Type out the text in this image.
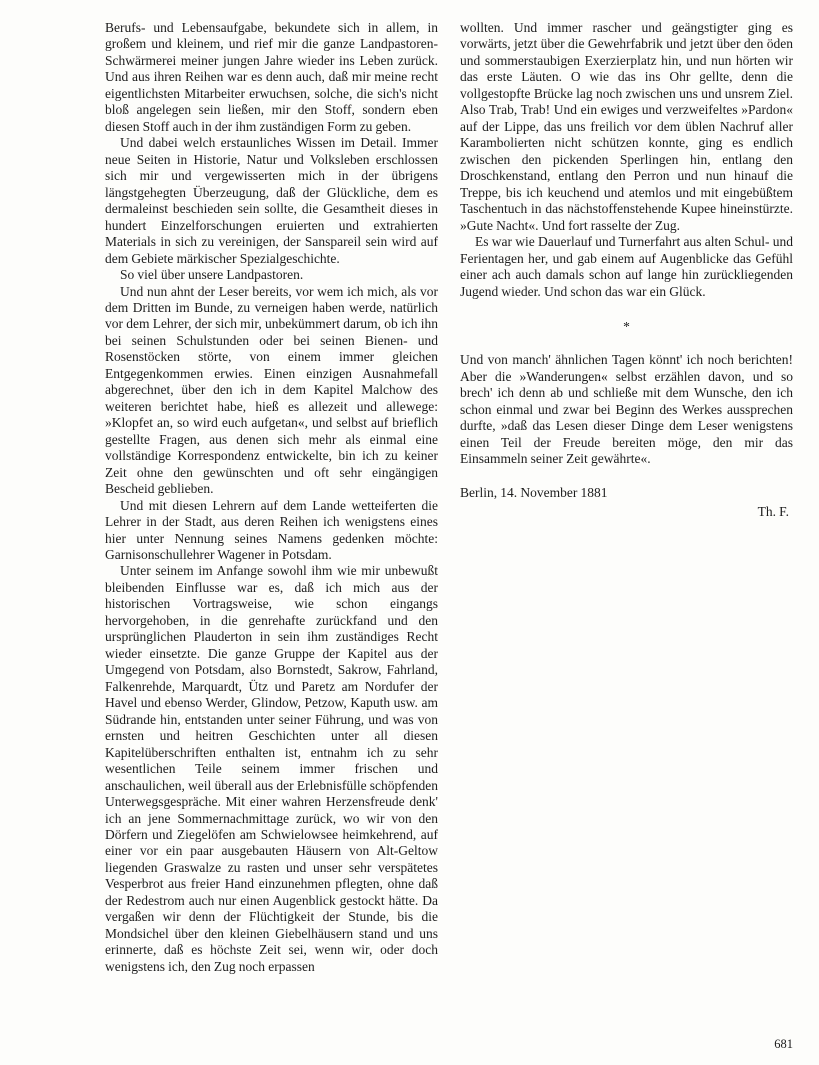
Berufs- und Lebensaufgabe, bekundete sich in allem, in großem und kleinem, und rief mir die ganze Landpastoren-Schwärmerei meiner jungen Jahre wieder ins Leben zurück. Und aus ihren Reihen war es denn auch, daß mir meine recht eigentlichsten Mitarbeiter erwuchsen, solche, die sich's nicht bloß angelegen sein ließen, mir den Stoff, sondern eben diesen Stoff auch in der ihm zuständigen Form zu geben.

Und dabei welch erstaunliches Wissen im Detail. Immer neue Seiten in Historie, Natur und Volksleben erschlossen sich mir und vergewisserten mich in der übrigens längstgehegten Überzeugung, daß der Glückliche, dem es dermaleinst beschieden sein sollte, die Gesamtheit dieses in hundert Einzelforschungen eruierten und extrahierten Materials in sich zu vereinigen, der Sanspareil sein wird auf dem Gebiete märkischer Spezialgeschichte.

So viel über unsere Landpastoren.

Und nun ahnt der Leser bereits, vor wem ich mich, als vor dem Dritten im Bunde, zu verneigen haben werde, natürlich vor dem Lehrer, der sich mir, unbekümmert darum, ob ich ihn bei seinen Schulstunden oder bei seinen Bienen- und Rosenstöcken störte, von einem immer gleichen Entgegenkommen erwies. Einen einzigen Ausnahmefall abgerechnet, über den ich in dem Kapitel Malchow des weiteren berichtet habe, hieß es allezeit und allewege: »Klopfet an, so wird euch aufgetan«, und selbst auf brieflich gestellte Fragen, aus denen sich mehr als einmal eine vollständige Korrespondenz entwickelte, bin ich zu keiner Zeit ohne den gewünschten und oft sehr eingängigen Bescheid geblieben.

Und mit diesen Lehrern auf dem Lande wetteiferten die Lehrer in der Stadt, aus deren Reihen ich wenigstens eines hier unter Nennung seines Namens gedenken möchte: Garnisonschullehrer Wagener in Potsdam.

Unter seinem im Anfange sowohl ihm wie mir unbewußt bleibenden Einflusse war es, daß ich mich aus der historischen Vortragsweise, wie schon eingangs hervorgehoben, in die genrehafte zurückfand und den ursprünglichen Plauderton in sein ihm zuständiges Recht wieder einsetzte. Die ganze Gruppe der Kapitel aus der Umgegend von Potsdam, also Bornstedt, Sakrow, Fahrland, Falkenrehde, Marquardt, Ütz und Paretz am Nordufer der Havel und ebenso Werder, Glindow, Petzow, Kaputh usw. am Südrande hin, entstanden unter seiner Führung, und was von ernsten und heitren Geschichten unter all diesen Kapitelüberschriften enthalten ist, entnahm ich zu sehr wesentlichen Teile seinem immer frischen und anschaulichen, weil überall aus der Erlebnisfülle schöpfenden Unterwegsgespräche. Mit einer wahren Herzensfreude denk' ich an jene Sommernachmittage zurück, wo wir von den Dörfern und Ziegelöfen am Schwielowsee heimkehrend, auf einer vor ein paar ausgebauten Häusern von Alt-Geltow liegenden Graswalze zu rasten und unser sehr verspätetes Vesperbrot aus freier Hand einzunehmen pflegten, ohne daß der Redestrom auch nur einen Augenblick gestockt hätte. Da vergaßen wir denn der Flüchtigkeit der Stunde, bis die Mondsichel über den kleinen Giebelhäusern stand und uns erinnerte, daß es höchste Zeit sei, wenn wir, oder doch wenigstens ich, den Zug noch erpassen

wollten. Und immer rascher und geängstigter ging es vorwärts, jetzt über die Gewehrfabrik und jetzt über den öden und sommerstaubigen Exerzierplatz hin, und nun hörten wir das erste Läuten. O wie das ins Ohr gellte, denn die vollgestopfte Brücke lag noch zwischen uns und unsrem Ziel. Also Trab, Trab! Und ein ewiges und verzweifeltes »Pardon« auf der Lippe, das uns freilich vor dem üblen Nachruf aller Karambolierten nicht schützen konnte, ging es endlich zwischen den pickenden Sperlingen hin, entlang den Droschkenstand, entlang den Perron und nun hinauf die Treppe, bis ich keuchend und atemlos und mit eingebüßtem Taschentuch in das nächstoffenstehende Kupee hineinstürzte. »Gute Nacht«. Und fort rasselte der Zug.

Es war wie Dauerlauf und Turnerfahrt aus alten Schul- und Ferientagen her, und gab einem auf Augenblicke das Gefühl einer ach auch damals schon auf lange hin zurückliegenden Jugend wieder. Und schon das war ein Glück.

*

Und von manch' ähnlichen Tagen könnt' ich noch berichten! Aber die »Wanderungen« selbst erzählen davon, und so brech' ich denn ab und schließe mit dem Wunsche, den ich schon einmal und zwar bei Beginn des Werkes aussprechen durfte, »daß das Lesen dieser Dinge dem Leser wenigstens einen Teil der Freude bereiten möge, den mir das Einsammeln seiner Zeit gewährte«.

Berlin, 14. November 1881

Th. F.

681
